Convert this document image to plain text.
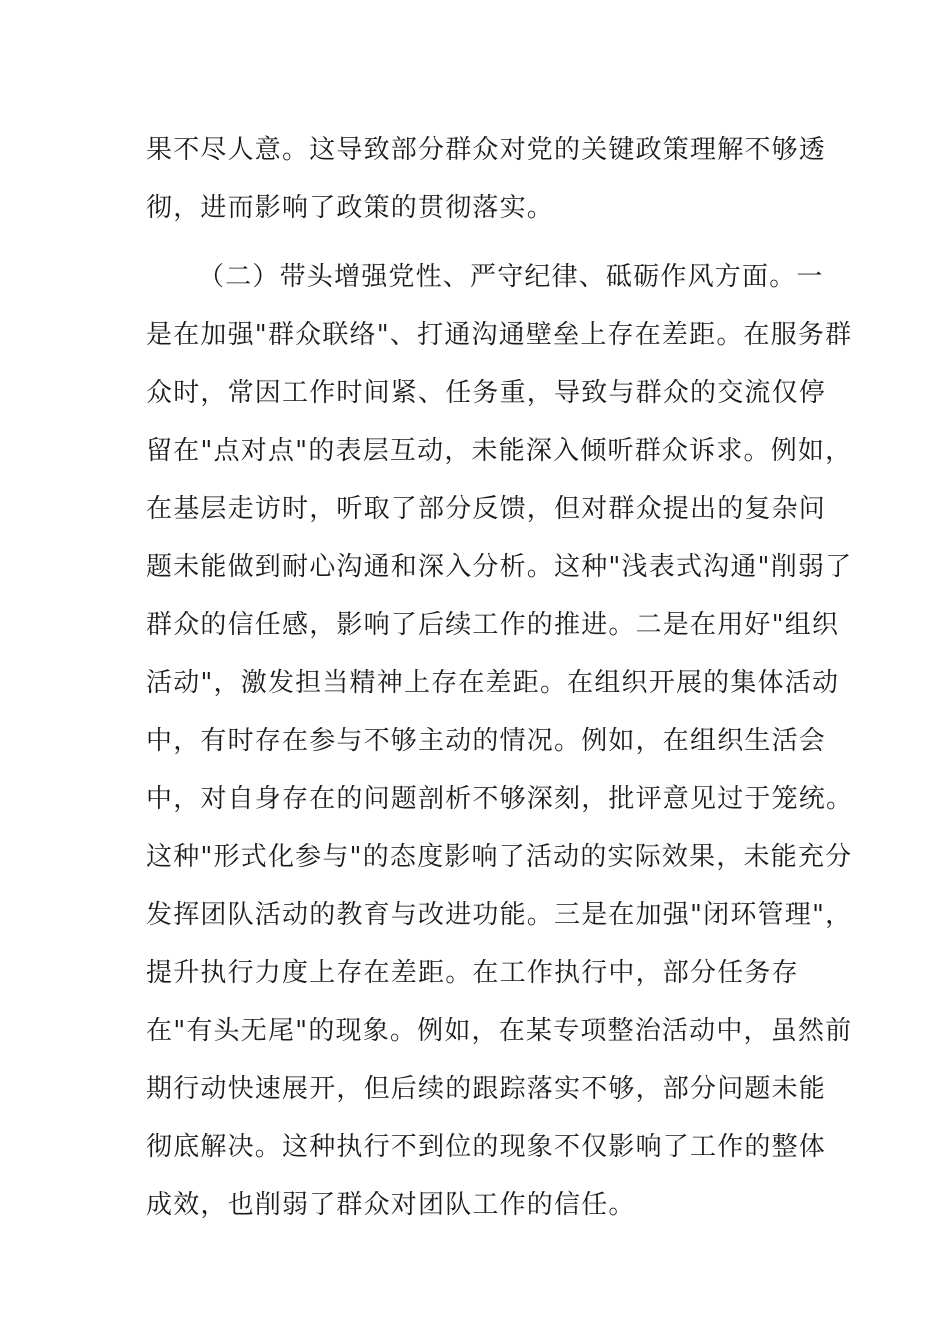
果不尽人意。这导致部分群众对党的关键政策理解不够透
彻，进而影响了政策的贯彻落实。
（二）带头增强党性、严守纪律、砥砺作风方面。一
是在加强"群众联络"、打通沟通壁垒上存在差距。在服务群
众时，常因工作时间紧、任务重，导致与群众的交流仅停
留在"点对点"的表层互动，未能深入倾听群众诉求。例如，
在基层走访时，听取了部分反馈，但对群众提出的复杂问
题未能做到耐心沟通和深入分析。这种"浅表式沟通"削弱了
群众的信任感，影响了后续工作的推进。二是在用好"组织
活动"，激发担当精神上存在差距。在组织开展的集体活动
中，有时存在参与不够主动的情况。例如，在组织生活会
中，对自身存在的问题剖析不够深刻，批评意见过于笼统。
这种"形式化参与"的态度影响了活动的实际效果，未能充分
发挥团队活动的教育与改进功能。三是在加强"闭环管理"，
提升执行力度上存在差距。在工作执行中，部分任务存
在"有头无尾"的现象。例如，在某专项整治活动中，虽然前
期行动快速展开，但后续的跟踪落实不够，部分问题未能
彻底解决。这种执行不到位的现象不仅影响了工作的整体
成效，也削弱了群众对团队工作的信任。
